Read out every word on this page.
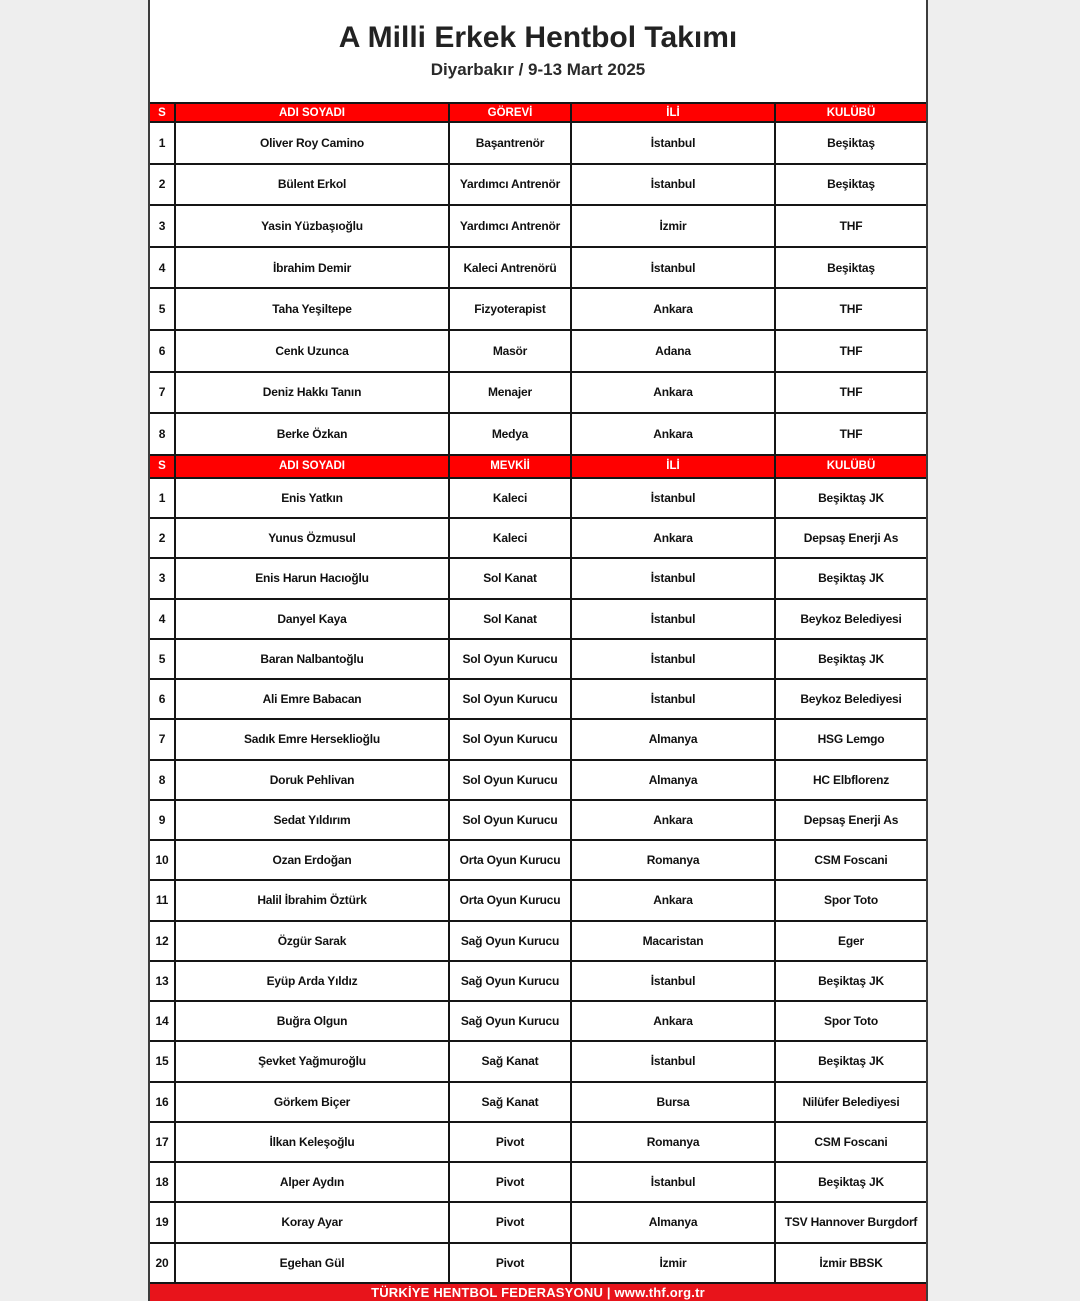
A Milli Erkek Hentbol Takımı
Diyarbakır / 9-13 Mart 2025
S	ADI SOYADI	GÖREVİ	İLİ	KULÜBÜ
1	Oliver Roy Camino	Başantrenör	İstanbul	Beşiktaş
2	Bülent Erkol	Yardımcı Antrenör	İstanbul	Beşiktaş
3	Yasin Yüzbaşıoğlu	Yardımcı Antrenör	İzmir	THF
4	İbrahim Demir	Kaleci Antrenörü	İstanbul	Beşiktaş
5	Taha Yeşiltepe	Fizyoterapist	Ankara	THF
6	Cenk Uzunca	Masör	Adana	THF
7	Deniz Hakkı Tanın	Menajer	Ankara	THF
8	Berke Özkan	Medya	Ankara	THF
S	ADI SOYADI	MEVKİİ	İLİ	KULÜBÜ
1	Enis Yatkın	Kaleci	İstanbul	Beşiktaş JK
2	Yunus Özmusul	Kaleci	Ankara	Depsaş Enerji As
3	Enis Harun Hacıoğlu	Sol Kanat	İstanbul	Beşiktaş JK
4	Danyel Kaya	Sol Kanat	İstanbul	Beykoz Belediyesi
5	Baran Nalbantoğlu	Sol Oyun Kurucu	İstanbul	Beşiktaş JK
6	Ali Emre Babacan	Sol Oyun Kurucu	İstanbul	Beykoz Belediyesi
7	Sadık Emre Herseklioğlu	Sol Oyun Kurucu	Almanya	HSG Lemgo
8	Doruk Pehlivan	Sol Oyun Kurucu	Almanya	HC Elbflorenz
9	Sedat Yıldırım	Sol Oyun Kurucu	Ankara	Depsaş Enerji As
10	Ozan Erdoğan	Orta Oyun Kurucu	Romanya	CSM Foscani
11	Halil İbrahim Öztürk	Orta Oyun Kurucu	Ankara	Spor Toto
12	Özgür Sarak	Sağ Oyun Kurucu	Macaristan	Eger
13	Eyüp Arda Yıldız	Sağ Oyun Kurucu	İstanbul	Beşiktaş JK
14	Buğra Olgun	Sağ Oyun Kurucu	Ankara	Spor Toto
15	Şevket Yağmuroğlu	Sağ Kanat	İstanbul	Beşiktaş JK
16	Görkem Biçer	Sağ Kanat	Bursa	Nilüfer Belediyesi
17	İlkan Keleşoğlu	Pivot	Romanya	CSM Foscani
18	Alper Aydın	Pivot	İstanbul	Beşiktaş JK
19	Koray Ayar	Pivot	Almanya	TSV Hannover Burgdorf
20	Egehan Gül	Pivot	İzmir	İzmir BBSK
TÜRKİYE HENTBOL FEDERASYONU | www.thf.org.tr
